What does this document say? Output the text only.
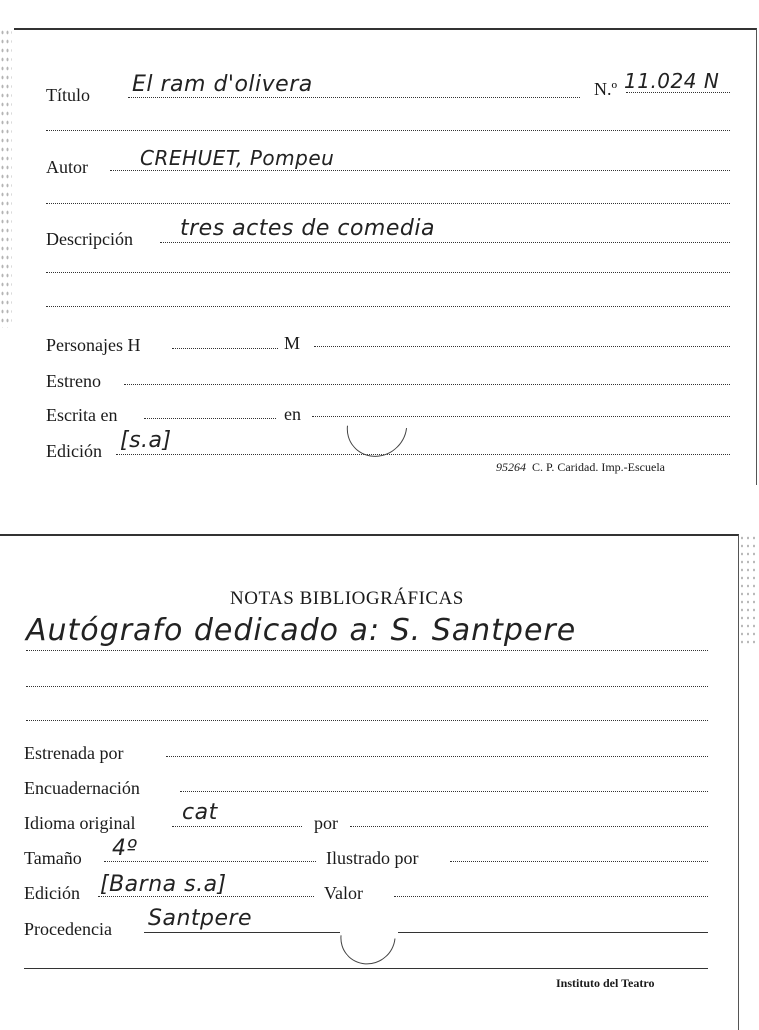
Título El ram d'olivera	N.º 11.024 N
Autor	CREHUET, Pompeu
Descripción tres actes de comedia
Personajes H	M
Estreno
Escrita en	en
Edición [s.a]
95264 C. P. Caridad. Imp.-Escuela
NOTAS BIBLIOGRÁFICAS
Autógrafo dedicado a: S. Santpere
Estrenada por
Encuadernación
Idioma original cat	por
Tamaño 4º	Ilustrado por
Edición [Barna s.a]	Valor
Procedencia Santpere
Instituto del Teatro
